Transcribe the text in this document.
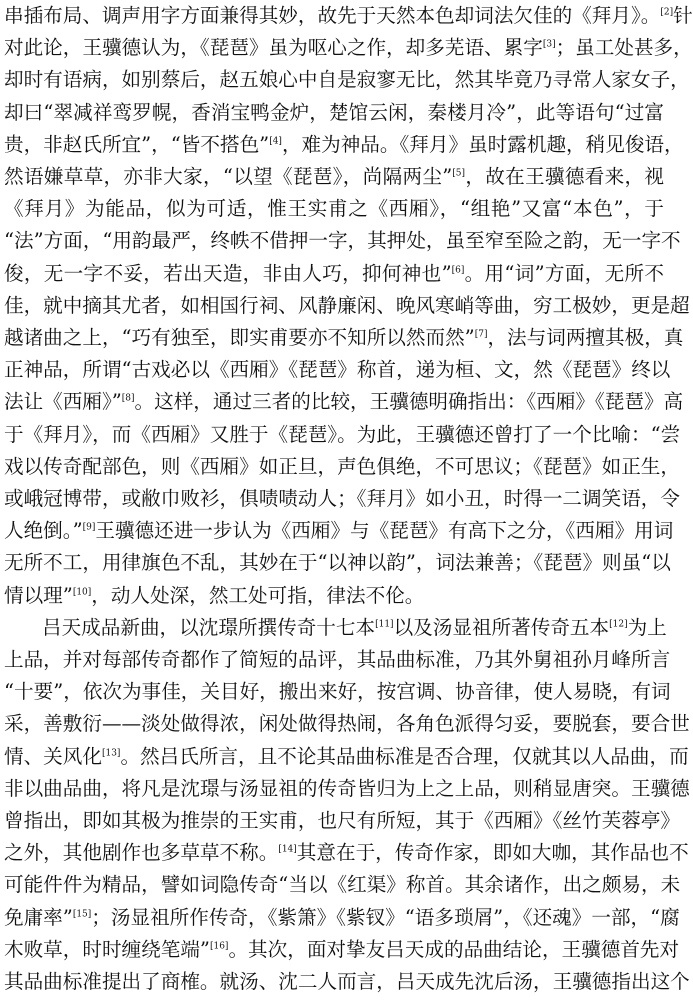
串插布局、调声用字方面兼得其妙，故先于天然本色却词法欠佳的《拜月》。[2]针
对此论，王骥德认为，《琵琶》虽为呕心之作，却多芜语、累字[3]；虽工处甚多，
却时有语病，如别蔡后，赵五娘心中自是寂寥无比，然其毕竟乃寻常人家女子，
却曰“翠减祥鸾罗幌，香消宝鸭金炉，楚馆云闲，秦楼月冷”，此等语句“过富
贵，非赵氏所宜”，“皆不搭色”[4]，难为神品。《拜月》虽时露机趣，稍见俊语，
然语嫌草草，亦非大家，“以望《琵琶》，尚隔两尘”[5]，故在王骥德看来，视
《拜月》为能品，似为可适，惟王实甫之《西厢》，“组艳”又富“本色”，于
“法”方面，“用韵最严，终帙不借押一字，其押处，虽至窄至险之韵，无一字不
俊，无一字不妥，若出天造，非由人巧，抑何神也”[6]。用“词”方面，无所不
佳，就中摘其尤者，如相国行祠、风静廉闲、晚风寒峭等曲，穷工极妙，更是超
越诸曲之上，“巧有独至，即实甫要亦不知所以然而然”[7]，法与词两擅其极，真
正神品，所谓“古戏必以《西厢》《琵琶》称首，递为桓、文，然《琵琶》终以
法让《西厢》”[8]。这样，通过三者的比较，王骥德明确指出：《西厢》《琵琶》高
于《拜月》，而《西厢》又胜于《琵琶》。为此，王骥德还曾打了一个比喻：“尝
戏以传奇配部色，则《西厢》如正旦，声色俱绝，不可思议；《琵琶》如正生，
或峨冠博带，或敝巾败衫，俱啧啧动人；《拜月》如小丑，时得一二调笑语，令
人绝倒。”[9]王骥德还进一步认为《西厢》与《琵琶》有高下之分，《西厢》用词
无所不工，用律旗色不乱，其妙在于“以神以韵”，词法兼善；《琵琶》则虽“以
情以理”[10]，动人处深，然工处可指，律法不伦。
吕天成品新曲，以沈璟所撰传奇十七本[11]以及汤显祖所著传奇五本[12]为上
上品，并对每部传奇都作了简短的品评，其品曲标准，乃其外舅祖孙月峰所言
“十要”，依次为事佳，关目好，搬出来好，按宫调、协音律，使人易晓，有词
采，善敷衍——淡处做得浓，闲处做得热闹，各角色派得匀妥，要脱套，要合世
情、关风化[13]。然吕氏所言，且不论其品曲标准是否合理，仅就其以人品曲，而
非以曲品曲，将凡是沈璟与汤显祖的传奇皆归为上之上品，则稍显唐突。王骥德
曾指出，即如其极为推崇的王实甫，也尺有所短，其于《西厢》《丝竹芙蓉亭》
之外，其他剧作也多草草不称。[14]其意在于，传奇作家，即如大咖，其作品也不
可能件件为精品，譬如词隐传奇“当以《红渠》称首。其余诸作，出之颇易，未
免庸率”[15]；汤显祖所作传奇，《紫箫》《紫钗》“语多琐屑”，《还魂》一部，“腐
木败草，时时缠绕笔端”[16]。其次，面对挚友吕天成的品曲结论，王骥德首先对
其品曲标准提出了商榷。就汤、沈二人而言，吕天成先沈后汤，王骥德指出这个
